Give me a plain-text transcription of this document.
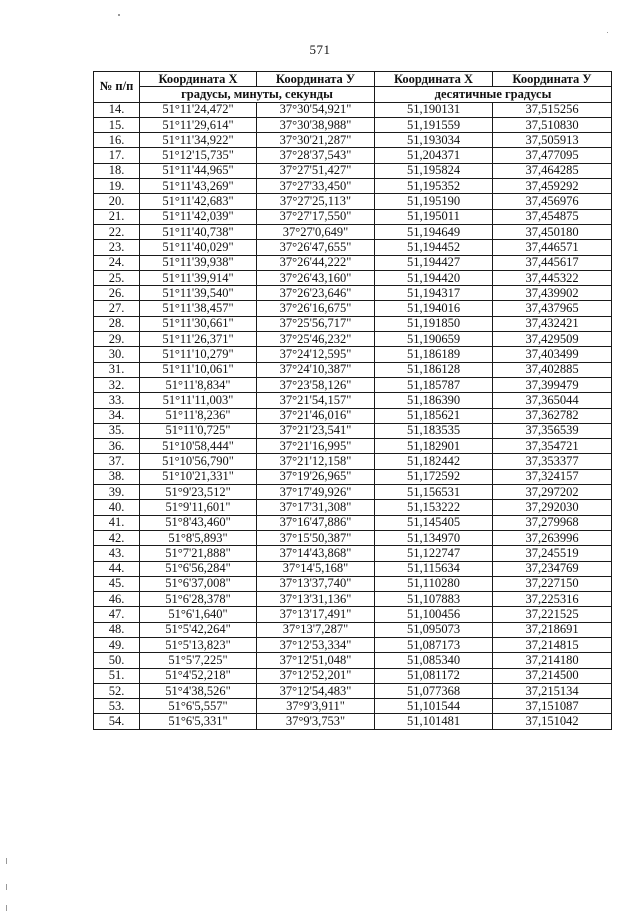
571
№ п/п	Координата X	Координата У	Координата X	Координата У
	градусы, минуты, секунды		десятичные градусы	
14.	51°11'24,472"	37°30'54,921"	51,190131	37,515256
15.	51°11'29,614"	37°30'38,988"	51,191559	37,510830
16.	51°11'34,922"	37°30'21,287"	51,193034	37,505913
17.	51°12'15,735"	37°28'37,543"	51,204371	37,477095
18.	51°11'44,965"	37°27'51,427"	51,195824	37,464285
19.	51°11'43,269"	37°27'33,450"	51,195352	37,459292
20.	51°11'42,683"	37°27'25,113"	51,195190	37,456976
21.	51°11'42,039"	37°27'17,550"	51,195011	37,454875
22.	51°11'40,738"	37°27'0,649"	51,194649	37,450180
23.	51°11'40,029"	37°26'47,655"	51,194452	37,446571
24.	51°11'39,938"	37°26'44,222"	51,194427	37,445617
25.	51°11'39,914"	37°26'43,160"	51,194420	37,445322
26.	51°11'39,540"	37°26'23,646"	51,194317	37,439902
27.	51°11'38,457"	37°26'16,675"	51,194016	37,437965
28.	51°11'30,661"	37°25'56,717"	51,191850	37,432421
29.	51°11'26,371"	37°25'46,232"	51,190659	37,429509
30.	51°11'10,279"	37°24'12,595"	51,186189	37,403499
31.	51°11'10,061"	37°24'10,387"	51,186128	37,402885
32.	51°11'8,834"	37°23'58,126"	51,185787	37,399479
33.	51°11'11,003"	37°21'54,157"	51,186390	37,365044
34.	51°11'8,236"	37°21'46,016"	51,185621	37,362782
35.	51°11'0,725"	37°21'23,541"	51,183535	37,356539
36.	51°10'58,444"	37°21'16,995"	51,182901	37,354721
37.	51°10'56,790"	37°21'12,158"	51,182442	37,353377
38.	51°10'21,331"	37°19'26,965"	51,172592	37,324157
39.	51°9'23,512"	37°17'49,926"	51,156531	37,297202
40.	51°9'11,601"	37°17'31,308"	51,153222	37,292030
41.	51°8'43,460"	37°16'47,886"	51,145405	37,279968
42.	51°8'5,893"	37°15'50,387"	51,134970	37,263996
43.	51°7'21,888"	37°14'43,868"	51,122747	37,245519
44.	51°6'56,284"	37°14'5,168"	51,115634	37,234769
45.	51°6'37,008"	37°13'37,740"	51,110280	37,227150
46.	51°6'28,378"	37°13'31,136"	51,107883	37,225316
47.	51°6'1,640"	37°13'17,491"	51,100456	37,221525
48.	51°5'42,264"	37°13'7,287"	51,095073	37,218691
49.	51°5'13,823"	37°12'53,334"	51,087173	37,214815
50.	51°5'7,225"	37°12'51,048"	51,085340	37,214180
51.	51°4'52,218"	37°12'52,201"	51,081172	37,214500
52.	51°4'38,526"	37°12'54,483"	51,077368	37,215134
53.	51°6'5,557"	37°9'3,911"	51,101544	37,151087
54.	51°6'5,331"	37°9'3,753"	51,101481	37,151042
